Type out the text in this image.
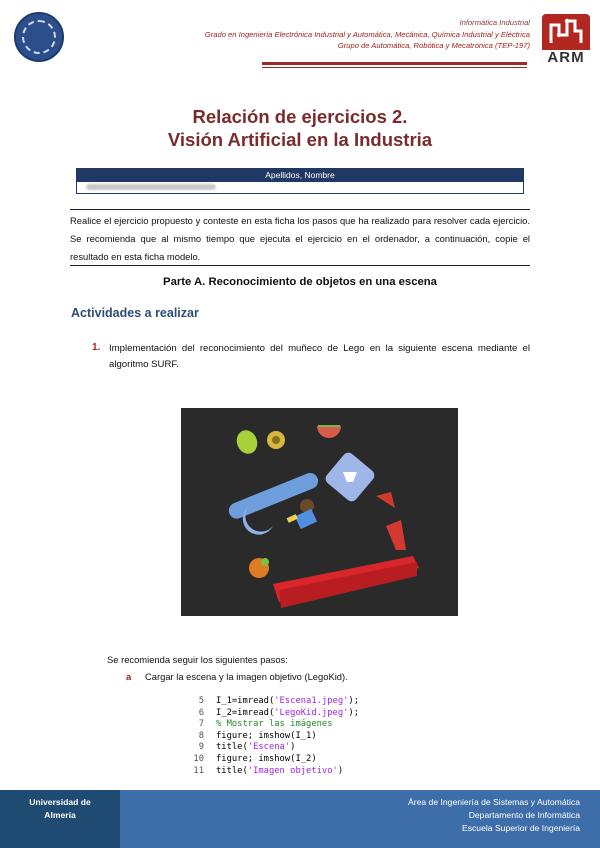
Informática Industrial
Grado en Ingeniería Electrónica Industrial y Automática, Mecánica, Química Industrial y Eléctrica
Grupo de Automática, Robótica y Mecatrónica (TEP-197)
ARM
Relación de ejercicios 2.
Visión Artificial en la Industria
Apellidos, Nombre
Realice el ejercicio propuesto y conteste en esta ficha los pasos que ha realizado para resolver cada ejercicio. Se recomienda que al mismo tiempo que ejecuta el ejercicio en el ordenador, a continuación, copie el resultado en esta ficha modelo.
Parte A. Reconocimiento de objetos en una escena
Actividades a realizar
1. Implementación del reconocimiento del muñeco de Lego en la siguiente escena mediante el algoritmo SURF.
Se recomienda seguir los siguientes pasos:
a Cargar la escena y la imagen objetivo (LegoKid).
5 I_1=imread('Escena1.jpeg');
6 I_2=imread('LegoKid.jpeg');
7 % Mostrar las imágenes
8 figure; imshow(I_1)
9 title('Escena')
10 figure; imshow(I_2)
11 title('Imagen objetivo')
Universidad de
Almería
Área de Ingeniería de Sistemas y Automática
Departamento de Informática
Escuela Superior de Ingeniería
